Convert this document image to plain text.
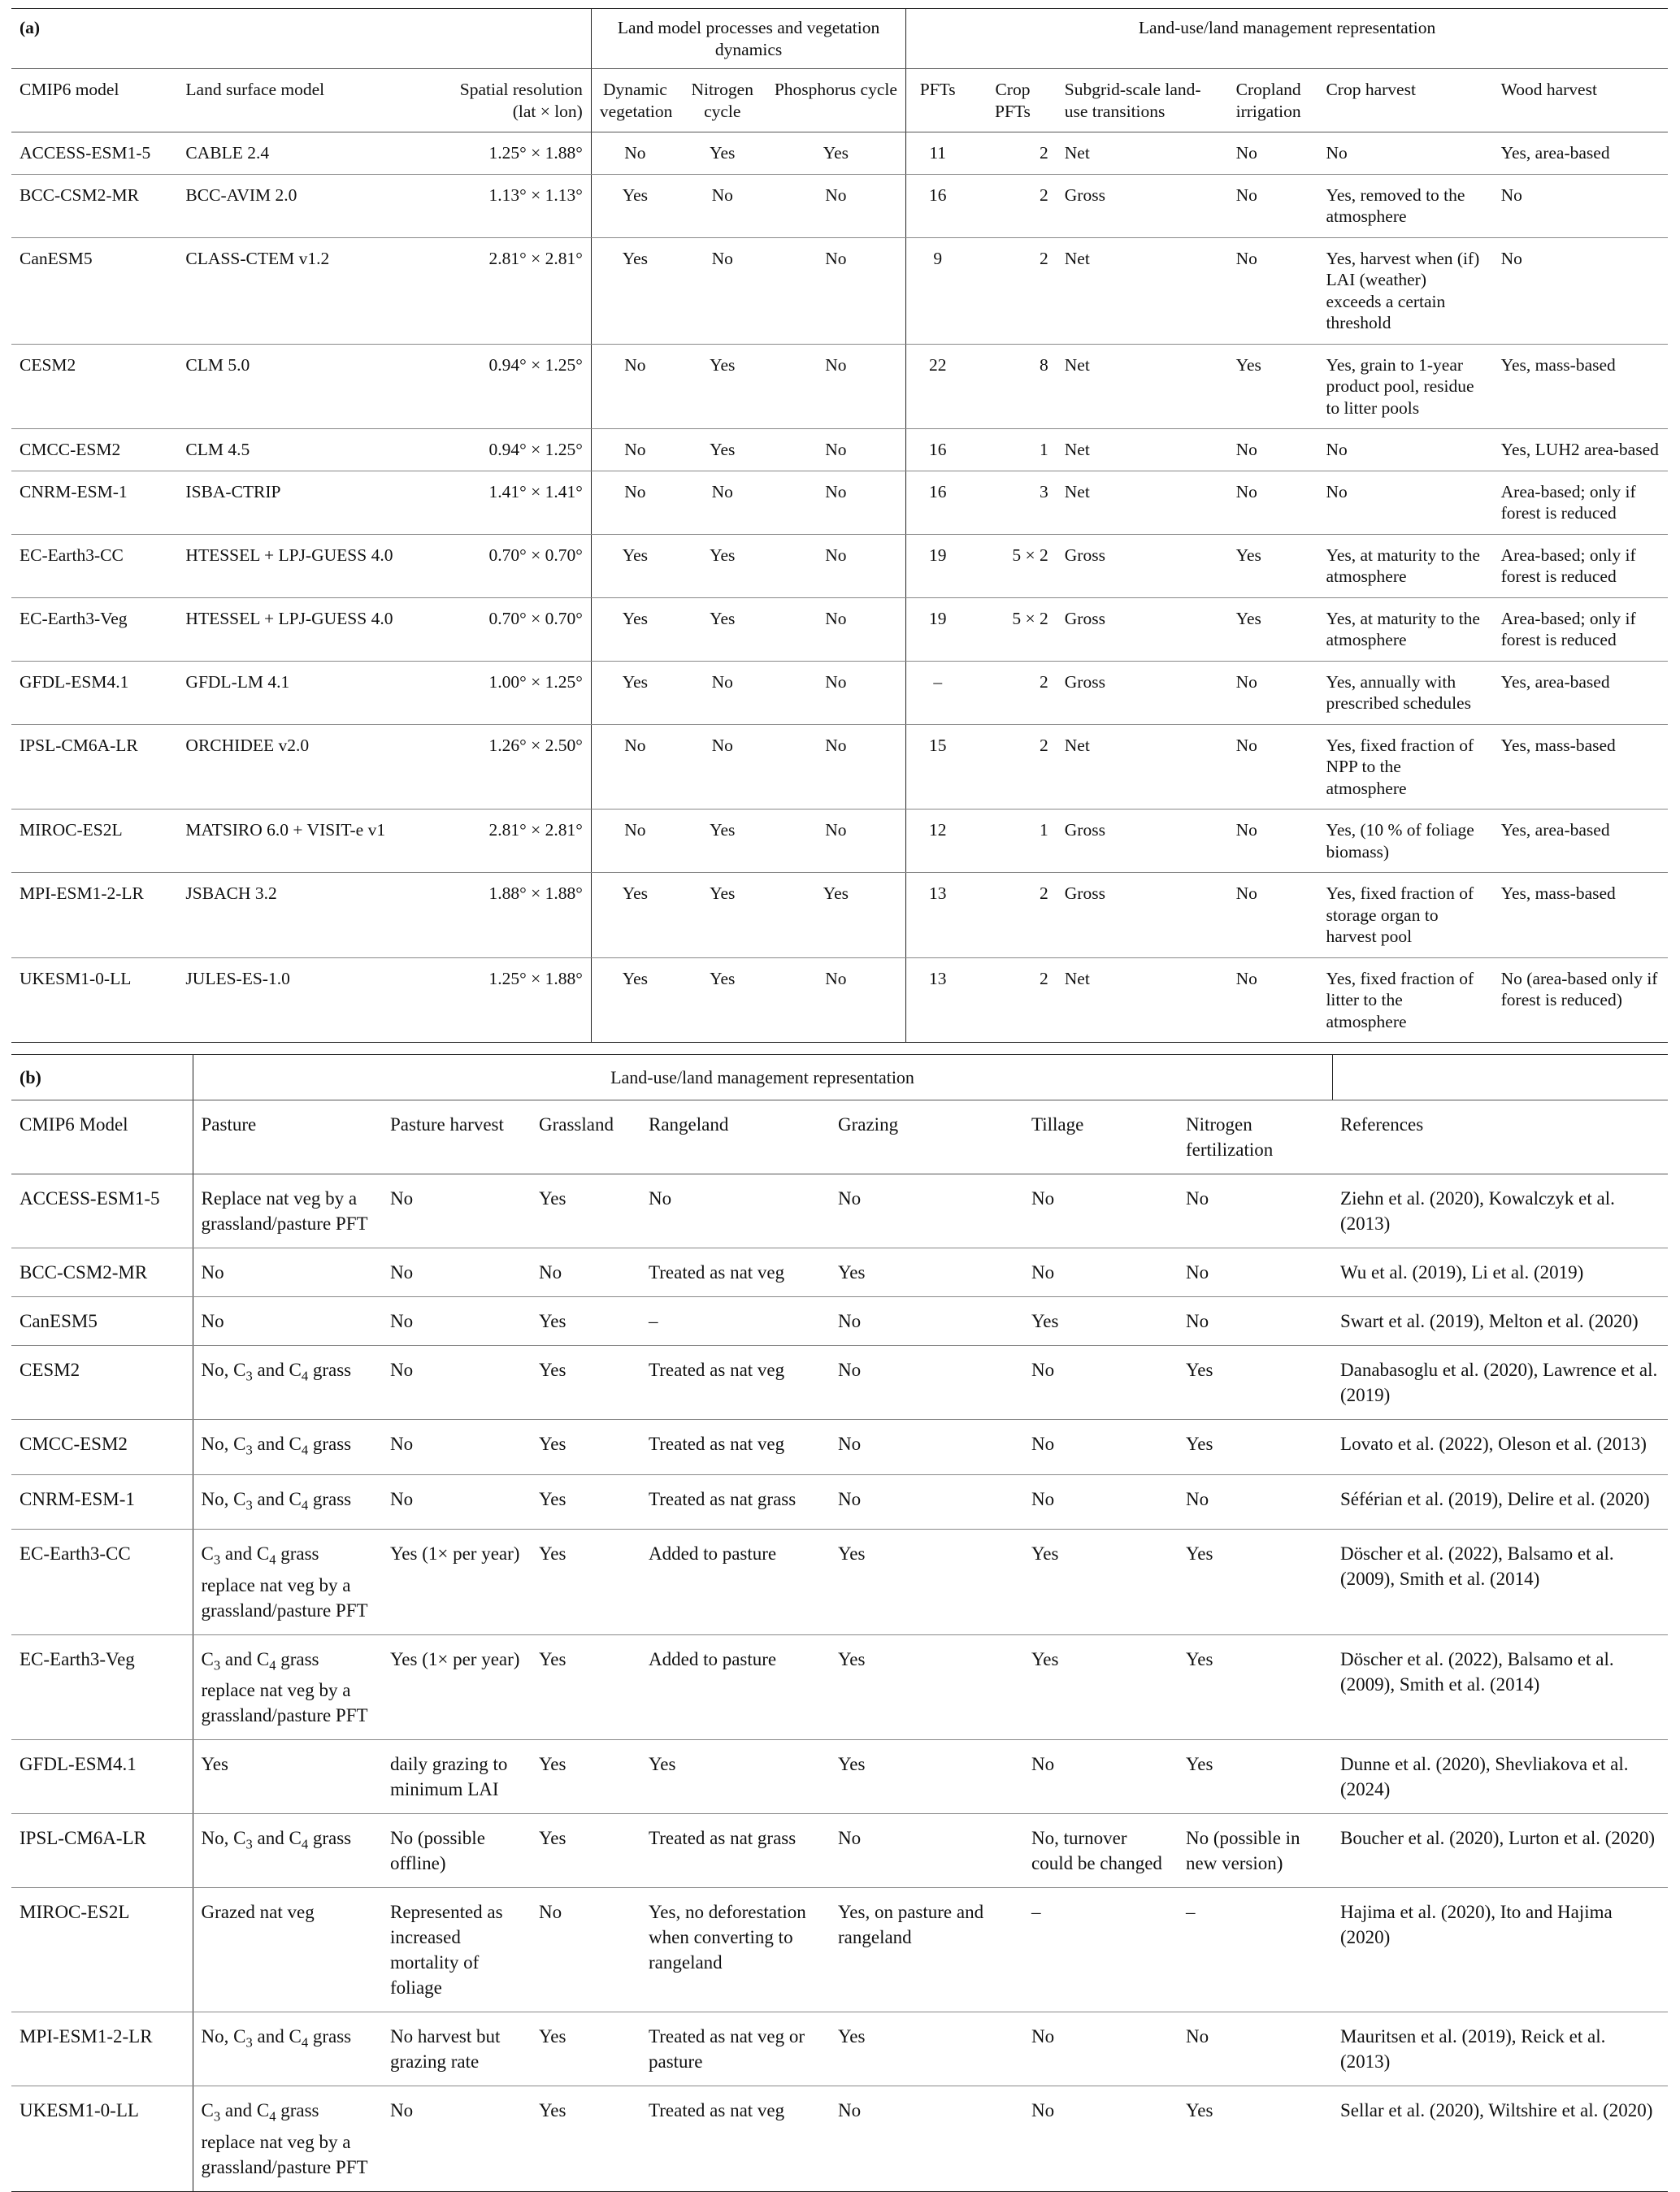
(a)			Land model processes and vegetation dynamics			Land-use/land management representation					
CMIP6 model	Land surface model	Spatial resolution (lat × lon)	Dynamic vegetation	Nitrogen cycle	Phosphorus cycle	PFTs	Crop PFTs	Subgrid-scale land-use transitions	Cropland irrigation	Crop harvest	Wood harvest
ACCESS-ESM1-5	CABLE 2.4	1.25° × 1.88°	No	Yes	Yes	11	2	Net	No	No	Yes, area-based
BCC-CSM2-MR	BCC-AVIM 2.0	1.13° × 1.13°	Yes	No	No	16	2	Gross	No	Yes, removed to the atmosphere	No
CanESM5	CLASS-CTEM v1.2	2.81° × 2.81°	Yes	No	No	9	2	Net	No	Yes, harvest when (if) LAI (weather) exceeds a certain threshold	No
CESM2	CLM 5.0	0.94° × 1.25°	No	Yes	No	22	8	Net	Yes	Yes, grain to 1-year product pool, residue to litter pools	Yes, mass-based
CMCC-ESM2	CLM 4.5	0.94° × 1.25°	No	Yes	No	16	1	Net	No	No	Yes, LUH2 area-based
CNRM-ESM-1	ISBA-CTRIP	1.41° × 1.41°	No	No	No	16	3	Net	No	No	Area-based; only if forest is reduced
EC-Earth3-CC	HTESSEL + LPJ-GUESS 4.0	0.70° × 0.70°	Yes	Yes	No	19	5 × 2	Gross	Yes	Yes, at maturity to the atmosphere	Area-based; only if forest is reduced
EC-Earth3-Veg	HTESSEL + LPJ-GUESS 4.0	0.70° × 0.70°	Yes	Yes	No	19	5 × 2	Gross	Yes	Yes, at maturity to the atmosphere	Area-based; only if forest is reduced
GFDL-ESM4.1	GFDL-LM 4.1	1.00° × 1.25°	Yes	No	No	–	2	Gross	No	Yes, annually with prescribed schedules	Yes, area-based
IPSL-CM6A-LR	ORCHIDEE v2.0	1.26° × 2.50°	No	No	No	15	2	Net	No	Yes, fixed fraction of NPP to the atmosphere	Yes, mass-based
MIROC-ES2L	MATSIRO 6.0 + VISIT-e v1	2.81° × 2.81°	No	Yes	No	12	1	Gross	No	Yes, (10 % of foliage biomass)	Yes, area-based
MPI-ESM1-2-LR	JSBACH 3.2	1.88° × 1.88°	Yes	Yes	Yes	13	2	Gross	No	Yes, fixed fraction of storage organ to harvest pool	Yes, mass-based
UKESM1-0-LL	JULES-ES-1.0	1.25° × 1.88°	Yes	Yes	No	13	2	Net	No	Yes, fixed fraction of litter to the atmosphere	No (area-based only if forest is reduced)
(b)	Land-use/land management representation							
CMIP6 Model	Pasture	Pasture harvest	Grassland	Rangeland	Grazing	Tillage	Nitrogen fertilization	References
ACCESS-ESM1-5	Replace nat veg by a grassland/pasture PFT	No	Yes	No	No	No	No	Ziehn et al. (2020), Kowalczyk et al. (2013)
BCC-CSM2-MR	No	No	No	Treated as nat veg	Yes	No	No	Wu et al. (2019), Li et al. (2019)
CanESM5	No	No	Yes	–	No	Yes	No	Swart et al. (2019), Melton et al. (2020)
CESM2	No, $C_3$ and $C_4$ grass	No	Yes	Treated as nat veg	No	No	Yes	Danabasoglu et al. (2020), Lawrence et al. (2019)
CMCC-ESM2	No, $C_3$ and $C_4$ grass	No	Yes	Treated as nat veg	No	No	Yes	Lovato et al. (2022), Oleson et al. (2013)
CNRM-ESM-1	No, $C_3$ and $C_4$ grass	No	Yes	Treated as nat grass	No	No	No	Séférian et al. (2019), Delire et al. (2020)
EC-Earth3-CC	$C_3$ and $C_4$ grass replace nat veg by a grassland/pasture PFT	Yes (1× per year)	Yes	Added to pasture	Yes	Yes	Yes	Döscher et al. (2022), Balsamo et al. (2009), Smith et al. (2014)
EC-Earth3-Veg	$C_3$ and $C_4$ grass replace nat veg by a grassland/pasture PFT	Yes (1× per year)	Yes	Added to pasture	Yes	Yes	Yes	Döscher et al. (2022), Balsamo et al. (2009), Smith et al. (2014)
GFDL-ESM4.1	Yes	daily grazing to minimum LAI	Yes	Yes	Yes	No	Yes	Dunne et al. (2020), Shevliakova et al. (2024)
IPSL-CM6A-LR	No, $C_3$ and $C_4$ grass	No (possible offline)	Yes	Treated as nat grass	No	No, turnover could be changed	No (possible in new version)	Boucher et al. (2020), Lurton et al. (2020)
MIROC-ES2L	Grazed nat veg	Represented as increased mortality of foliage	No	Yes, no deforestation when converting to rangeland	Yes, on pasture and rangeland	–	–	Hajima et al. (2020), Ito and Hajima (2020)
MPI-ESM1-2-LR	No, $C_3$ and $C_4$ grass	No harvest but grazing rate	Yes	Treated as nat veg or pasture	Yes	No	No	Mauritsen et al. (2019), Reick et al. (2013)
UKESM1-0-LL	$C_3$ and $C_4$ grass replace nat veg by a grassland/pasture PFT	No	Yes	Treated as nat veg	No	No	Yes	Sellar et al. (2020), Wiltshire et al. (2020)
